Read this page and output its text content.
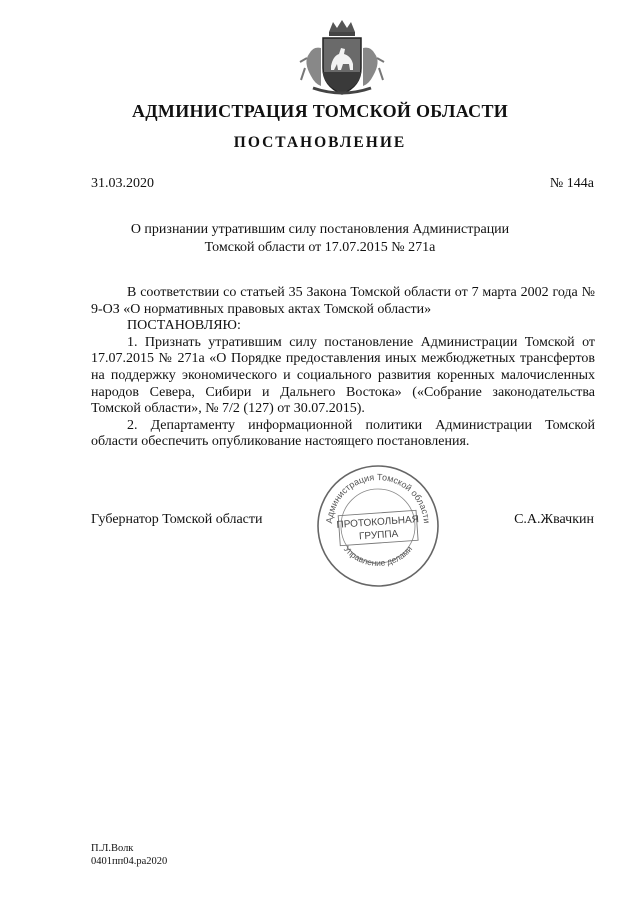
АДМИНИСТРАЦИЯ ТОМСКОЙ ОБЛАСТИ
ПОСТАНОВЛЕНИЕ
31.03.2020	№ 144а
О признании утратившим силу постановления Администрации
Томской области от 17.07.2015 № 271а

В соответствии со статьей 35 Закона Томской области от 7 марта 2002 года № 9-ОЗ «О нормативных правовых актах Томской области»

ПОСТАНОВЛЯЮ:

1. Признать утратившим силу постановление Администрации Томской от 17.07.2015 № 271а «О Порядке предоставления иных межбюджетных трансфертов на поддержку экономического и социального развития коренных малочисленных народов Севера, Сибири и Дальнего Востока» («Собрание законодательства Томской области», № 7/2 (127) от 30.07.2015).

2. Департаменту информационной политики Администрации Томской области обеспечить опубликование настоящего постановления.

Губернатор Томской области	С.А.Жвачкин
Администрация Томской области
Управление делами
ПРОТОКОЛЬНАЯ
ГРУППА
П.Л.Волк
0401пп04.ра2020
